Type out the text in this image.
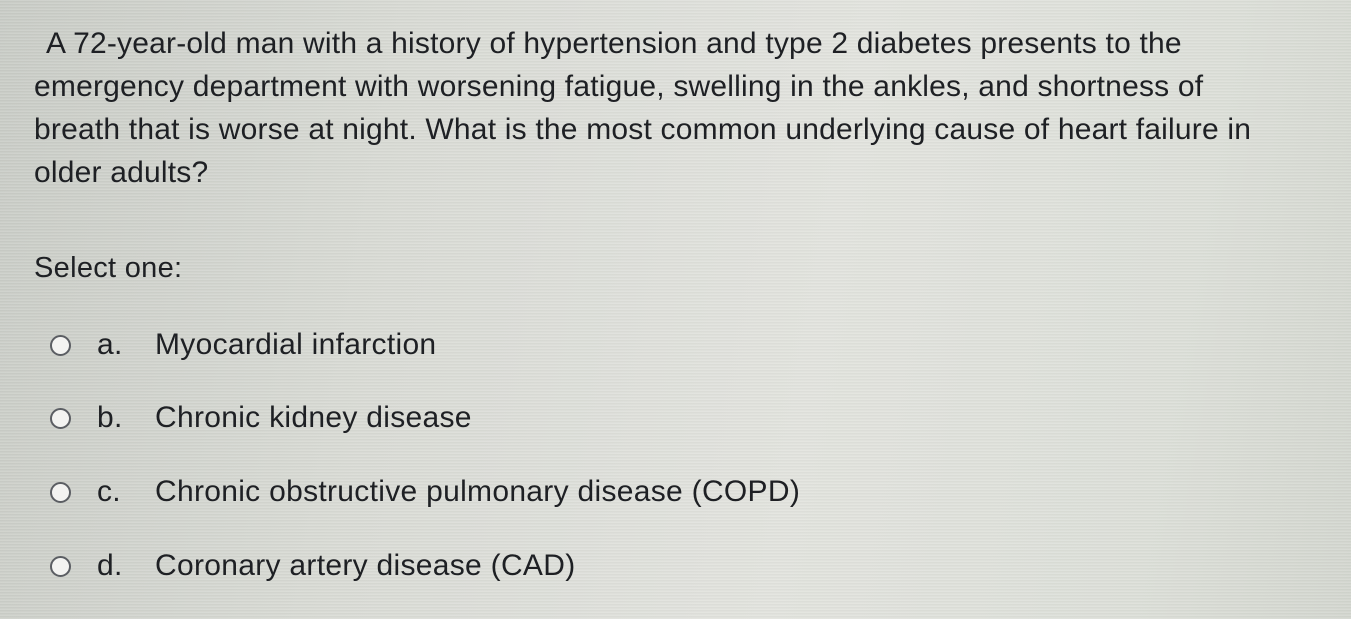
A 72-year-old man with a history of hypertension and type 2 diabetes presents to the
emergency department with worsening fatigue, swelling in the ankles, and shortness of
breath that is worse at night. What is the most common underlying cause of heart failure in
older adults?
Select one:
a.	Myocardial infarction
b.	Chronic kidney disease
c.	Chronic obstructive pulmonary disease (COPD)
d.	Coronary artery disease (CAD)
